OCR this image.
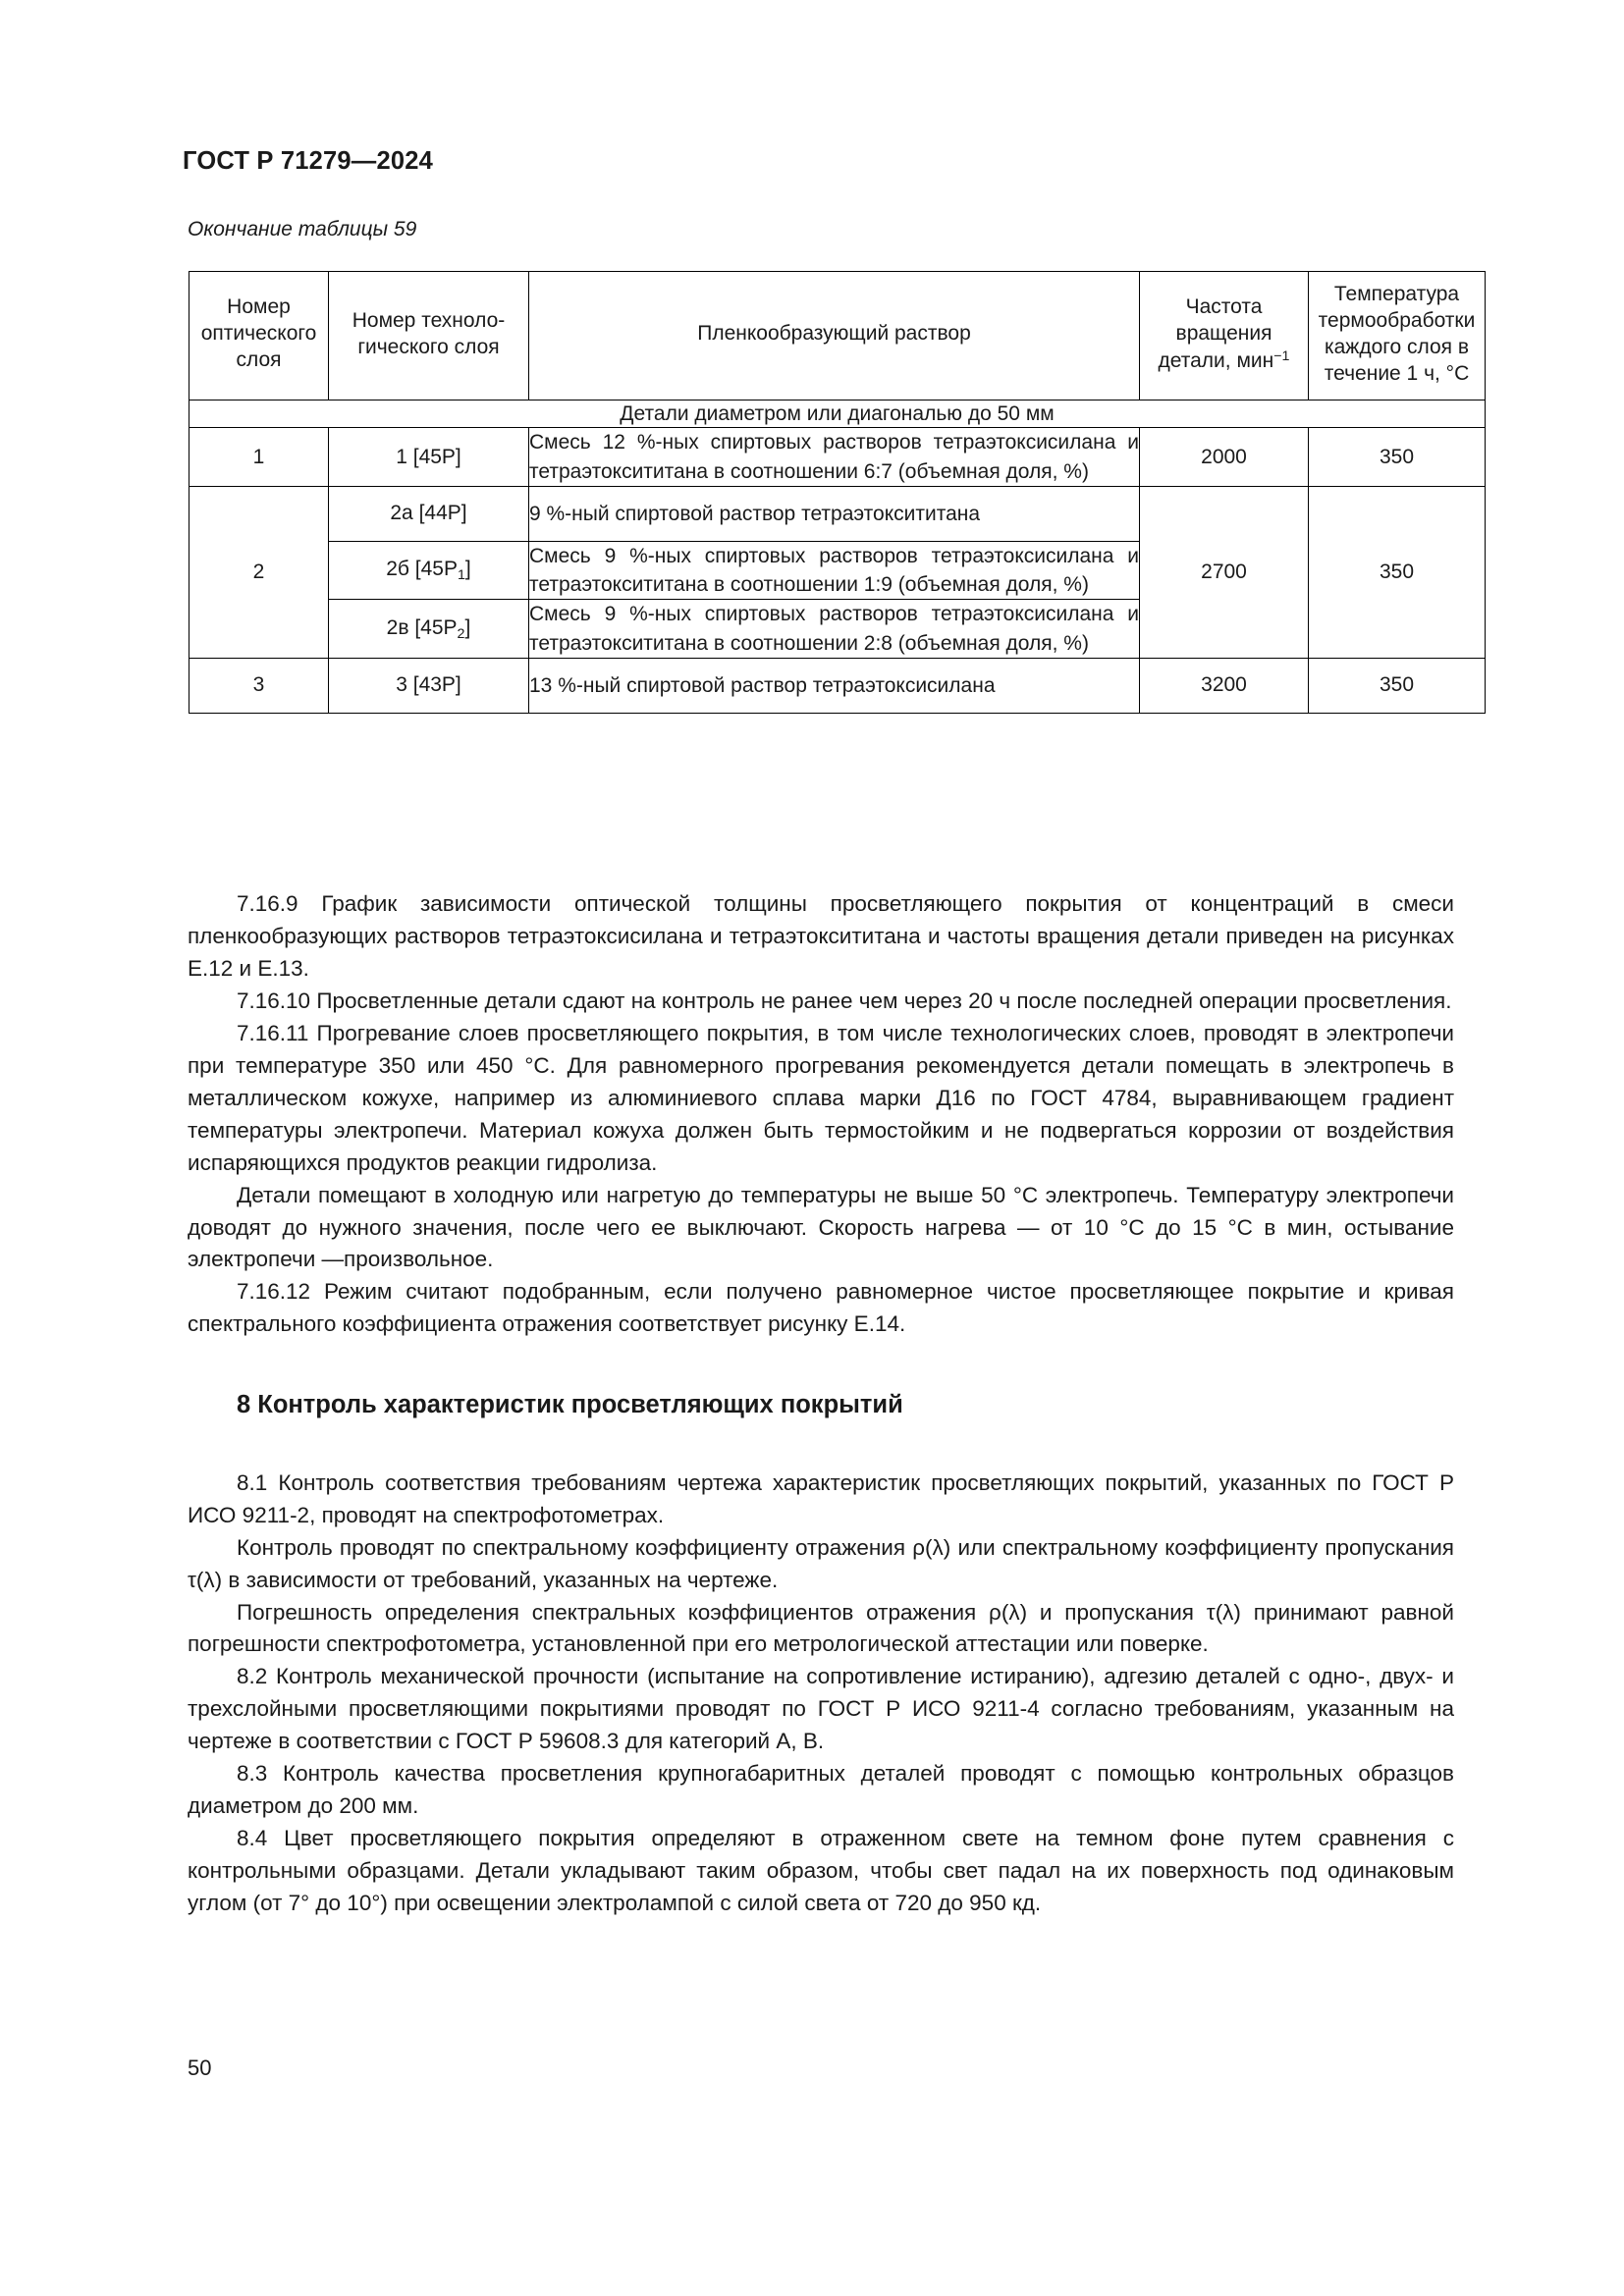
ГОСТ Р 71279—2024
Окончание таблицы 59
Номер
оптического
слоя	Номер техноло-
гического слоя	Пленкообразующий раствор	Частота
вращения
детали, мин$^{-1}$	Температура
термообработки
каждого слоя в
течение 1 ч, °С
Детали диаметром или диагональю до 50 мм				
1	1 [45Р]	Смесь 12 %-ных спиртовых растворов тетраэтоксисилана и тетраэтоксититана в соотношении 6:7 (объемная доля, %)	2000	350
2	2а [44Р]	9 %-ный спиртовой раствор тетраэтоксититана	2700	350
	2б $[45Р_1]$	Смесь 9 %-ных спиртовых растворов тетраэтоксисилана и тетраэтоксититана в соотношении 1:9 (объемная доля, %)		
	2в $[45Р_2]$	Смесь 9 %-ных спиртовых растворов тетраэтоксисилана и тетраэтоксититана в соотношении 2:8 (объемная доля, %)		
3	3 [43Р]	13 %-ный спиртовой раствор тетраэтоксисилана	3200	350

7.16.9 График зависимости оптической толщины просветляющего покрытия от концентраций в смеси пленкообразующих растворов тетраэтоксисилана и тетраэтоксититана и частоты вращения детали приведен на рисунках Е.12 и Е.13.

7.16.10 Просветленные детали сдают на контроль не ранее чем через 20 ч после последней операции просветления.

7.16.11 Прогревание слоев просветляющего покрытия, в том числе технологических слоев, проводят в электропечи при температуре 350 или 450 °С. Для равномерного прогревания рекомендуется детали помещать в электропечь в металлическом кожухе, например из алюминиевого сплава марки Д16 по ГОСТ 4784, выравнивающем градиент температуры электропечи. Материал кожуха должен быть термостойким и не подвергаться коррозии от воздействия испаряющихся продуктов реакции гидролиза.

Детали помещают в холодную или нагретую до температуры не выше 50 °С электропечь. Температуру электропечи доводят до нужного значения, после чего ее выключают. Скорость нагрева — от 10 °С до 15 °С в мин, остывание электропечи —произвольное.

7.16.12 Режим считают подобранным, если получено равномерное чистое просветляющее покрытие и кривая спектрального коэффициента отражения соответствует рисунку Е.14.

8 Контроль характеристик просветляющих покрытий

8.1 Контроль соответствия требованиям чертежа характеристик просветляющих покрытий, указанных по ГОСТ Р ИСО 9211-2, проводят на спектрофотометрах.

Контроль проводят по спектральному коэффициенту отражения ρ(λ) или спектральному коэффициенту пропускания τ(λ) в зависимости от требований, указанных на чертеже.

Погрешность определения спектральных коэффициентов отражения ρ(λ) и пропускания τ(λ) принимают равной погрешности спектрофотометра, установленной при его метрологической аттестации или поверке.

8.2 Контроль механической прочности (испытание на сопротивление истиранию), адгезию деталей с одно-, двух- и трехслойными просветляющими покрытиями проводят по ГОСТ Р ИСО 9211-4 согласно требованиям, указанным на чертеже в соответствии с ГОСТ Р 59608.3 для категорий А, В.

8.3 Контроль качества просветления крупногабаритных деталей проводят с помощью контрольных образцов диаметром до 200 мм.

8.4 Цвет просветляющего покрытия определяют в отраженном свете на темном фоне путем сравнения с контрольными образцами. Детали укладывают таким образом, чтобы свет падал на их поверхность под одинаковым углом (от 7° до 10°) при освещении электролампой с силой света от 720 до 950 кд.

50
